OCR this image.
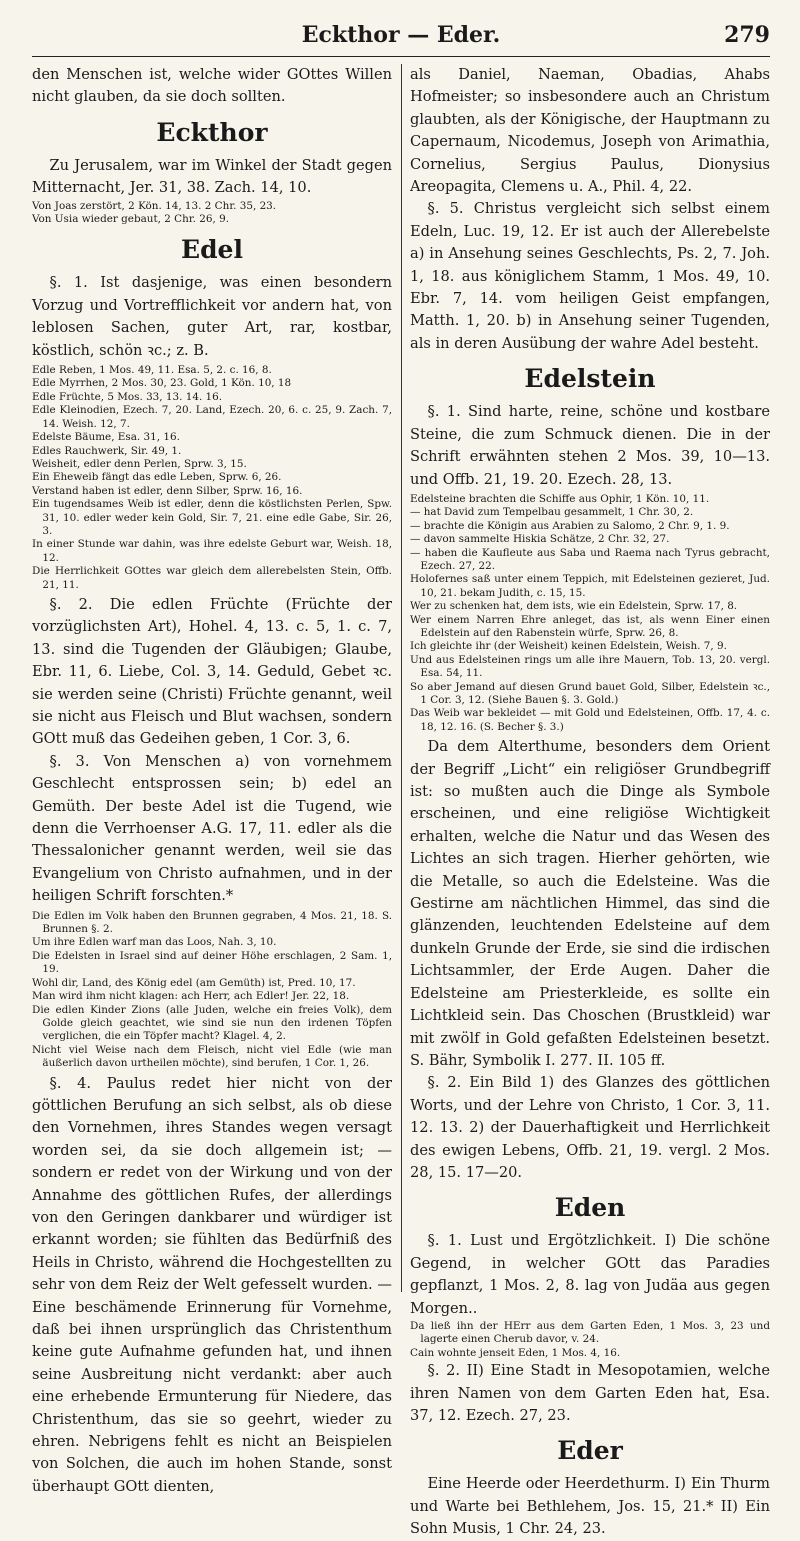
Eckthor — Eder.	279

den Menschen ist, welche wider GOttes Willen nicht glauben, da sie doch sollten.

Eckthor

Zu Jerusalem, war im Winkel der Stadt gegen Mitternacht, Jer. 31, 38. Zach. 14, 10.

Von Joas zerstört, 2 Kön. 14, 13. 2 Chr. 35, 23.
Von Usia wieder gebaut, 2 Chr. 26, 9.
Edel

§. 1. Ist dasjenige, was einen besondern Vorzug und Vortrefflichkeit vor andern hat, von leblosen Sachen, guter Art, rar, kostbar, köstlich, schön ꝛc.; z. B.

Edle Reben, 1 Mos. 49, 11. Esa. 5, 2. c. 16, 8.
Edle Myrrhen, 2 Mos. 30, 23. Gold, 1 Kön. 10, 18
Edle Früchte, 5 Mos. 33, 13. 14. 16.
Edle Kleinodien, Ezech. 7, 20. Land, Ezech. 20, 6. c. 25, 9. Zach. 7, 14. Weish. 12, 7.
Edelste Bäume, Esa. 31, 16.
Edles Rauchwerk, Sir. 49, 1.
Weisheit, edler denn Perlen, Sprw. 3, 15.
Ein Eheweib fängt das edle Leben, Sprw. 6, 26.
Verstand haben ist edler, denn Silber, Sprw. 16, 16.
Ein tugendsames Weib ist edler, denn die köstlichsten Perlen, Spw. 31, 10. edler weder kein Gold, Sir. 7, 21. eine edle Gabe, Sir. 26, 3.
In einer Stunde war dahin, was ihre edelste Geburt war, Weish. 18, 12.
Die Herrlichkeit GOttes war gleich dem allerebelsten Stein, Offb. 21, 11.

§. 2. Die edlen Früchte (Früchte der vorzüglichsten Art), Hohel. 4, 13. c. 5, 1. c. 7, 13. sind die Tugenden der Gläubigen; Glaube, Ebr. 11, 6. Liebe, Col. 3, 14. Geduld, Gebet ꝛc. sie werden seine (Christi) Früchte genannt, weil sie nicht aus Fleisch und Blut wachsen, sondern GOtt muß das Gedeihen geben, 1 Cor. 3, 6.

§. 3. Von Menschen a) von vornehmem Geschlecht entsprossen sein; b) edel an Gemüth. Der beste Adel ist die Tugend, wie denn die Verrhoenser A.G. 17, 11. edler als die Thessalonicher genannt werden, weil sie das Evangelium von Christo aufnahmen, und in der heiligen Schrift forschten.*

Die Edlen im Volk haben den Brunnen gegraben, 4 Mos. 21, 18. S. Brunnen §. 2.
Um ihre Edlen warf man das Loos, Nah. 3, 10.
Die Edelsten in Israel sind auf deiner Höhe erschlagen, 2 Sam. 1, 19.
Wohl dir, Land, des König edel (am Gemüth) ist, Pred. 10, 17.
Man wird ihm nicht klagen: ach Herr, ach Edler! Jer. 22, 18.
Die edlen Kinder Zions (alle Juden, welche ein freies Volk), dem Golde gleich geachtet, wie sind sie nun den irdenen Töpfen verglichen, die ein Töpfer macht? Klagel. 4, 2.
Nicht viel Weise nach dem Fleisch, nicht viel Edle (wie man äußerlich davon urtheilen möchte), sind berufen, 1 Cor. 1, 26.

§. 4. Paulus redet hier nicht von der göttlichen Berufung an sich selbst, als ob diese den Vornehmen, ihres Standes wegen versagt worden sei, da sie doch allgemein ist; — sondern er redet von der Wirkung und von der Annahme des göttlichen Rufes, der allerdings von den Geringen dankbarer und würdiger ist erkannt worden; sie fühlten das Bedürfniß des Heils in Christo, während die Hochgestellten zu sehr von dem Reiz der Welt gefesselt wurden. — Eine beschämende Erinnerung für Vornehme, daß bei ihnen ursprünglich das Christenthum keine gute Aufnahme gefunden hat, und ihnen seine Ausbreitung nicht verdankt: aber auch eine erhebende Ermunterung für Niedere, das Christenthum, das sie so geehrt, wieder zu ehren. Nebrigens fehlt es nicht an Beispielen von Solchen, die auch im hohen Stande, sonst überhaupt GOtt dienten,

als Daniel, Naeman, Obadias, Ahabs Hofmeister; so insbesondere auch an Christum glaubten, als der Königische, der Hauptmann zu Capernaum, Nicodemus, Joseph von Arimathia, Cornelius, Sergius Paulus, Dionysius Areopagita, Clemens u. A., Phil. 4, 22.

§. 5. Christus vergleicht sich selbst einem Edeln, Luc. 19, 12. Er ist auch der Allerebelste a) in Ansehung seines Geschlechts, Ps. 2, 7. Joh. 1, 18. aus königlichem Stamm, 1 Mos. 49, 10. Ebr. 7, 14. vom heiligen Geist empfangen, Matth. 1, 20. b) in Ansehung seiner Tugenden, als in deren Ausübung der wahre Adel besteht.

Edelstein

§. 1. Sind harte, reine, schöne und kostbare Steine, die zum Schmuck dienen. Die in der Schrift erwähnten stehen 2 Mos. 39, 10—13. und Offb. 21, 19. 20. Ezech. 28, 13.

Edelsteine brachten die Schiffe aus Ophir, 1 Kön. 10, 11.
— hat David zum Tempelbau gesammelt, 1 Chr. 30, 2.
— brachte die Königin aus Arabien zu Salomo, 2 Chr. 9, 1. 9.
— davon sammelte Hiskia Schätze, 2 Chr. 32, 27.
— haben die Kaufleute aus Saba und Raema nach Tyrus gebracht, Ezech. 27, 22.
Holofernes saß unter einem Teppich, mit Edelsteinen gezieret, Jud. 10, 21. bekam Judith, c. 15, 15.
Wer zu schenken hat, dem ists, wie ein Edelstein, Sprw. 17, 8.
Wer einem Narren Ehre anleget, das ist, als wenn Einer einen Edelstein auf den Rabenstein würfe, Sprw. 26, 8.
Ich gleichte ihr (der Weisheit) keinen Edelstein, Weish. 7, 9.
Und aus Edelsteinen rings um alle ihre Mauern, Tob. 13, 20. vergl. Esa. 54, 11.
So aber Jemand auf diesen Grund bauet Gold, Silber, Edelstein ꝛc., 1 Cor. 3, 12. (Siehe Bauen §. 3. Gold.)
Das Weib war bekleidet — mit Gold und Edelsteinen, Offb. 17, 4. c. 18, 12. 16. (S. Becher §. 3.)

Da dem Alterthume, besonders dem Orient der Begriff „Licht“ ein religiöser Grundbegriff ist: so mußten auch die Dinge als Symbole erscheinen, und eine religiöse Wichtigkeit erhalten, welche die Natur und das Wesen des Lichtes an sich tragen. Hierher gehörten, wie die Metalle, so auch die Edelsteine. Was die Gestirne am nächtlichen Himmel, das sind die glänzenden, leuchtenden Edelsteine auf dem dunkeln Grunde der Erde, sie sind die irdischen Lichtsammler, der Erde Augen. Daher die Edelsteine am Priesterkleide, es sollte ein Lichtkleid sein. Das Choschen (Brustkleid) war mit zwölf in Gold gefaßten Edelsteinen besetzt. S. Bähr, Symbolik I. 277. II. 105 ff.

§. 2. Ein Bild 1) des Glanzes des göttlichen Worts, und der Lehre von Christo, 1 Cor. 3, 11. 12. 13. 2) der Dauerhaftigkeit und Herrlichkeit des ewigen Lebens, Offb. 21, 19. vergl. 2 Mos. 28, 15. 17—20.

Eden

§. 1. Lust und Ergötzlichkeit. I) Die schöne Gegend, in welcher GOtt das Paradies gepflanzt, 1 Mos. 2, 8. lag von Judäa aus gegen Morgen..

Da ließ ihn der HErr aus dem Garten Eden, 1 Mos. 3, 23 und lagerte einen Cherub davor, v. 24.
Cain wohnte jenseit Eden, 1 Mos. 4, 16.

§. 2. II) Eine Stadt in Mesopotamien, welche ihren Namen von dem Garten Eden hat, Esa. 37, 12. Ezech. 27, 23.

Eder

Eine Heerde oder Heerdethurm. I) Ein Thurm und Warte bei Bethlehem, Jos. 15, 21.* II) Ein Sohn Musis, 1 Chr. 24, 23.
